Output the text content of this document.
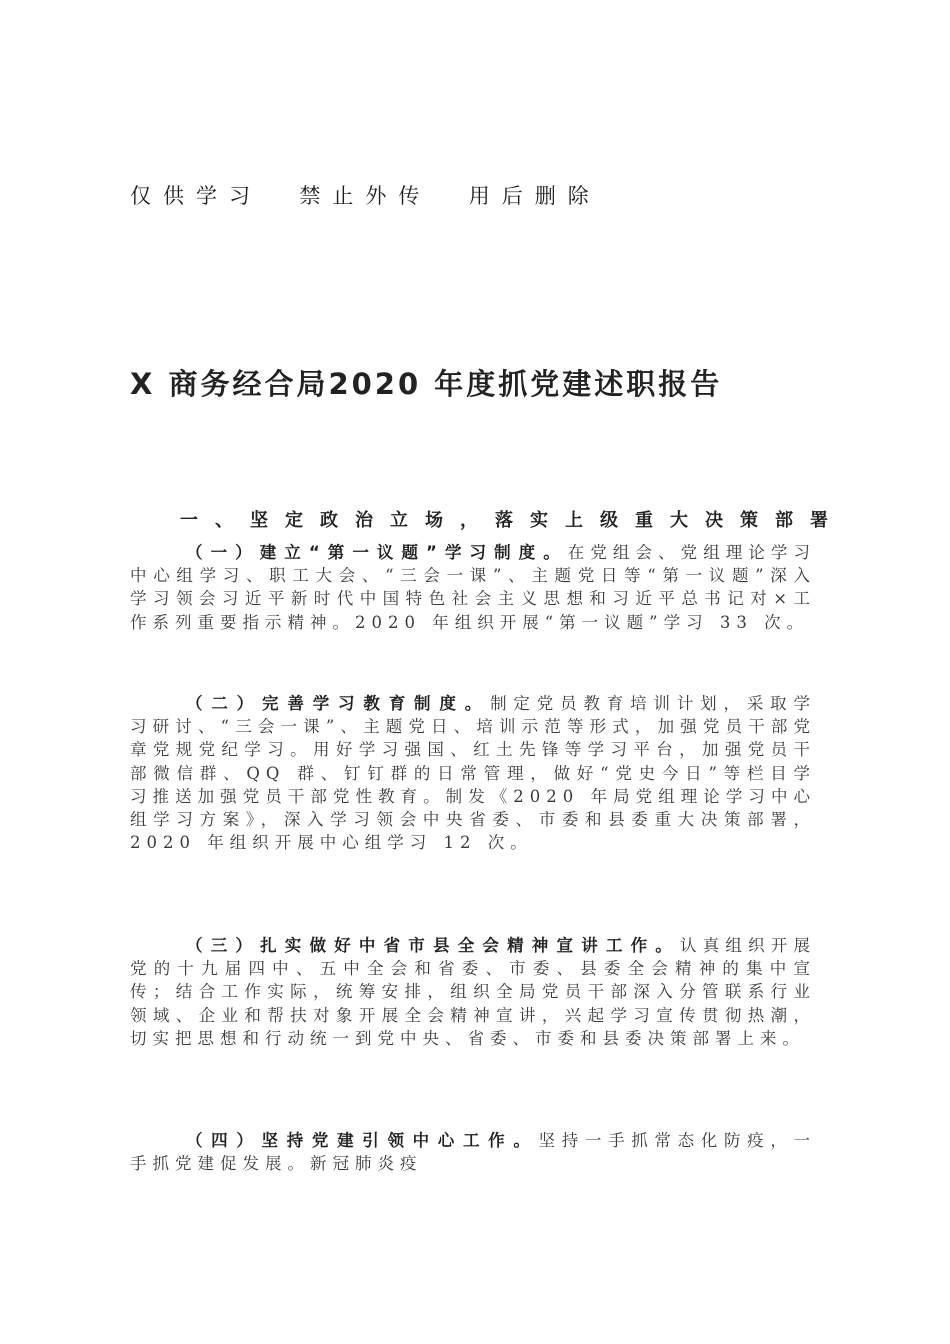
仅供学习  禁止外传  用后删除
X 商务经合局2020 年度抓党建述职报告
一、坚定政治立场，落实上级重大决策部署

（一）建立“第一议题”学习制度。在党组会、党组理论学习中心组学习、职工大会、“三会一课”、主题党日等“第一议题”深入学习领会习近平新时代中国特色社会主义思想和习近平总书记对×工作系列重要指示精神。2020 年组织开展“第一议题”学习 33 次。

（二）完善学习教育制度。制定党员教育培训计划，采取学习研讨、“三会一课”、主题党日、培训示范等形式，加强党员干部党章党规党纪学习。用好学习强国、红土先锋等学习平台，加强党员干部微信群、QQ 群、钉钉群的日常管理，做好“党史今日”等栏目学习推送加强党员干部党性教育。制发《2020 年局党组理论学习中心组学习方案》，深入学习领会中央省委、市委和县委重大决策部署，2020 年组织开展中心组学习 12 次。

（三）扎实做好中省市县全会精神宣讲工作。认真组织开展党的十九届四中、五中全会和省委、市委、县委全会精神的集中宣传；结合工作实际，统筹安排，组织全局党员干部深入分管联系行业领域、企业和帮扶对象开展全会精神宣讲，兴起学习宣传贯彻热潮，切实把思想和行动统一到党中央、省委、市委和县委决策部署上来。

（四）坚持党建引领中心工作。坚持一手抓常态化防疫，一手抓党建促发展。新冠肺炎疫
